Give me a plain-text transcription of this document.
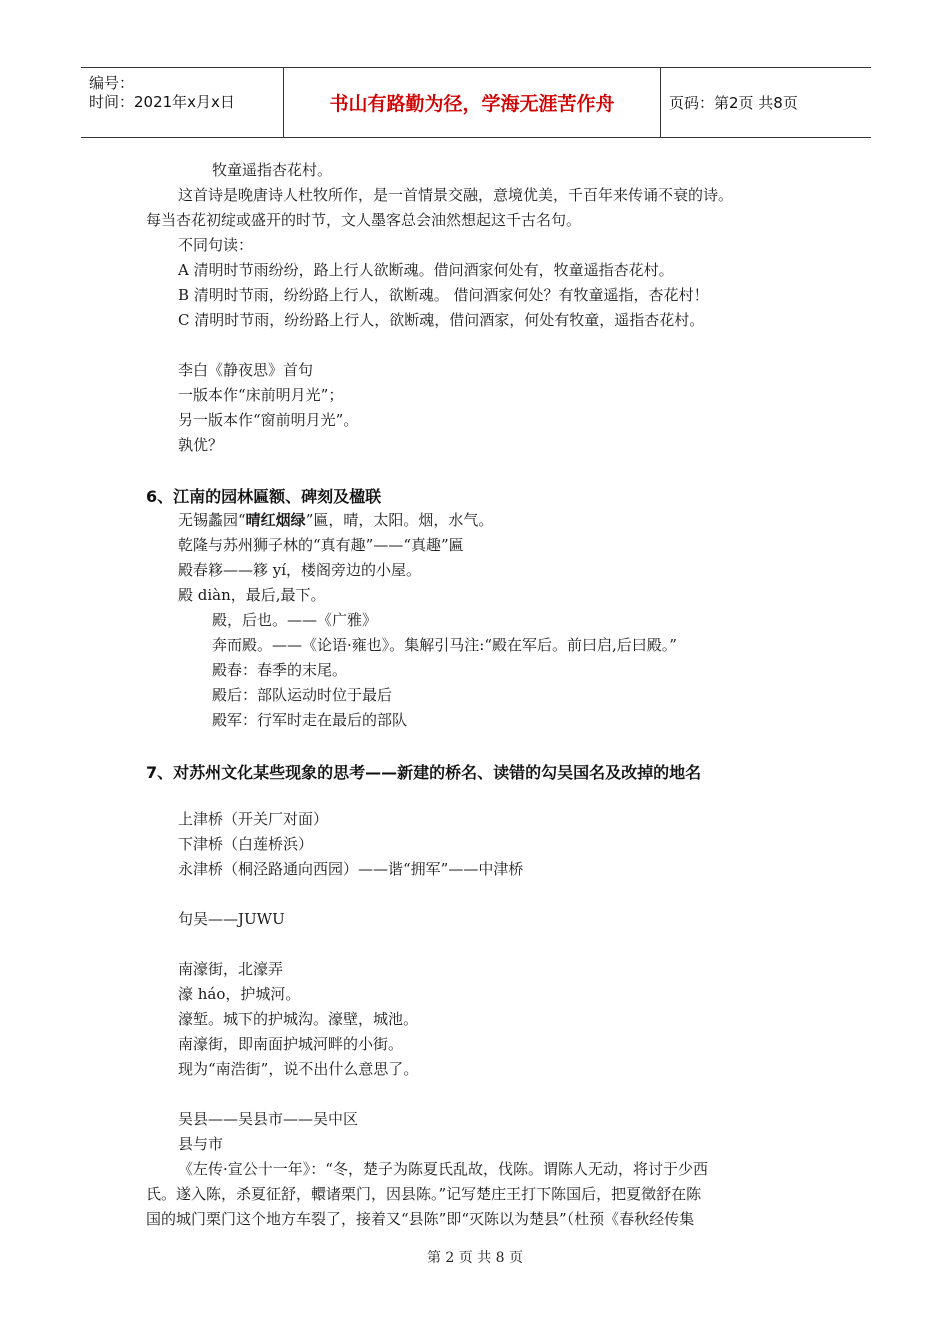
编号：
时间：2021年x月x日	书山有路勤为径，学海无涯苦作舟	页码：第2页 共8页
牧童遥指杏花村。
这首诗是晚唐诗人杜牧所作，是一首情景交融，意境优美，千百年来传诵不衰的诗。
每当杏花初绽或盛开的时节，文人墨客总会油然想起这千古名句。
不同句读：
A 清明时节雨纷纷，路上行人欲断魂。借问酒家何处有，牧童遥指杏花村。
B 清明时节雨，纷纷路上行人，欲断魂。 借问酒家何处？有牧童遥指，杏花村！
C 清明时节雨，纷纷路上行人，欲断魂，借问酒家，何处有牧童，遥指杏花村。
李白《静夜思》首句
一版本作“床前明月光”；
另一版本作“窗前明月光”。
孰优？
6、江南的园林匾额、碑刻及楹联
无锡蠡园“晴红烟绿”匾，晴，太阳。烟，水气。
乾隆与苏州狮子林的“真有趣”——“真趣”匾
殿春簃——簃 yí，楼阁旁边的小屋。
殿 diàn，最后,最下。
殿，后也。——《广雅》
奔而殿。——《论语·雍也》。集解引马注:“殿在军后。前曰启,后曰殿。”
殿春：春季的末尾。
殿后：部队运动时位于最后
殿军：行军时走在最后的部队
7、对苏州文化某些现象的思考——新建的桥名、读错的勾吴国名及改掉的地名
上津桥（开关厂对面）
下津桥（白莲桥浜）
永津桥（桐泾路通向西园）——谐“拥军”——中津桥
句吴——JUWU
南濠街，北濠弄
濠 háo，护城河。
濠堑。城下的护城沟。濠壁，城池。
南濠街，即南面护城河畔的小街。
现为“南浩街”，说不出什么意思了。
吴县——吴县市——吴中区
县与市
《左传·宣公十一年》：“冬，楚子为陈夏氏乱故，伐陈。谓陈人无动，将讨于少西
氏。遂入陈，杀夏征舒，轘诸栗门，因县陈。”记写楚庄王打下陈国后，把夏徵舒在陈
国的城门栗门这个地方车裂了，接着又“县陈”即“灭陈以为楚县”（杜预《春秋经传集
第 2 页 共 8 页
